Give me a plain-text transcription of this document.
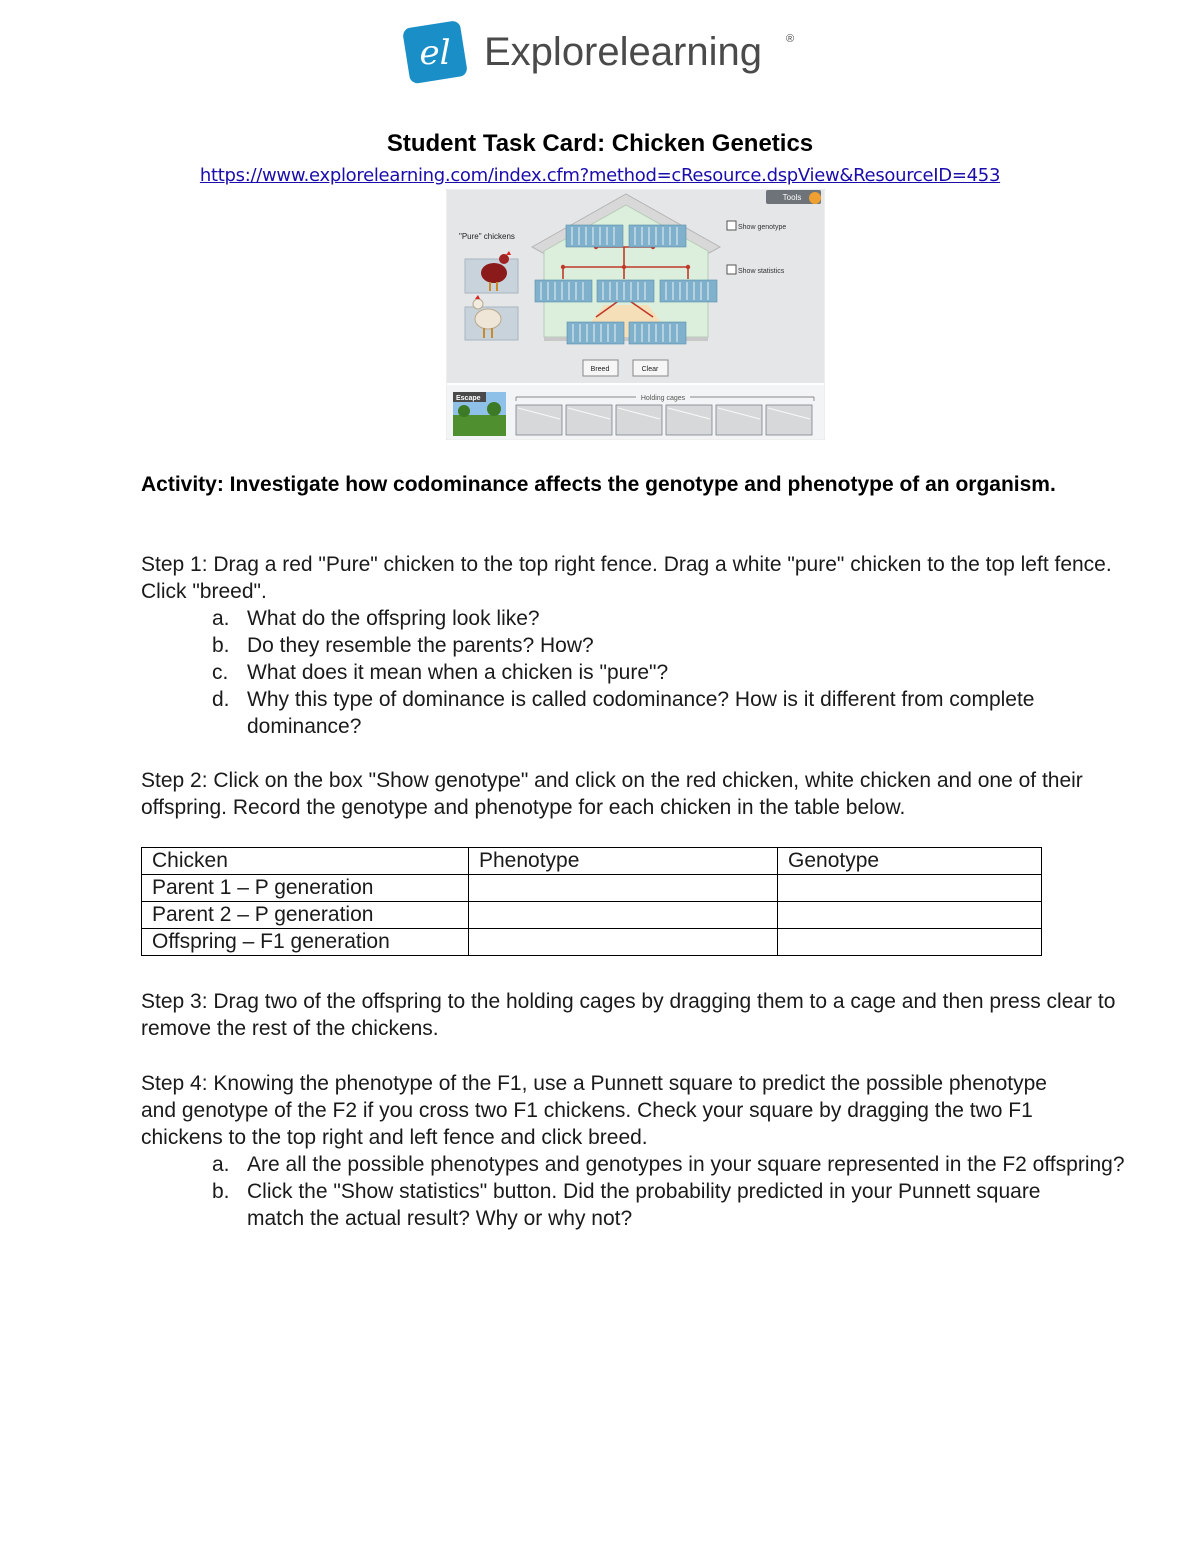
el Explorelearning ®
Student Task Card: Chicken Genetics
https://www.explorelearning.com/index.cfm?method=cResource.dspView&ResourceID=453
Tools
"Pure" chickens
Show genotype
Show statistics
Breed	Clear
Escape	Holding cages
Activity: Investigate how codominance affects the genotype and phenotype of an organism.
Step 1: Drag a red "Pure" chicken to the top right fence. Drag a white "pure" chicken to the top left fence. Click "breed".
a. What do the offspring look like?
b. Do they resemble the parents? How?
c. What does it mean when a chicken is "pure"?
d. Why this type of dominance is called codominance? How is it different from complete dominance?
Step 2: Click on the box "Show genotype" and click on the red chicken, white chicken and one of their offspring. Record the genotype and phenotype for each chicken in the table below.
Chicken	Phenotype	Genotype
Parent 1 – P generation		
Parent 2 – P generation		
Offspring – F1 generation		
Step 3: Drag two of the offspring to the holding cages by dragging them to a cage and then press clear to remove the rest of the chickens.
Step 4: Knowing the phenotype of the F1, use a Punnett square to predict the possible phenotype and genotype of the F2 if you cross two F1 chickens. Check your square by dragging the two F1 chickens to the top right and left fence and click breed.
a. Are all the possible phenotypes and genotypes in your square represented in the F2 offspring?
b. Click the "Show statistics" button. Did the probability predicted in your Punnett square match the actual result? Why or why not?
